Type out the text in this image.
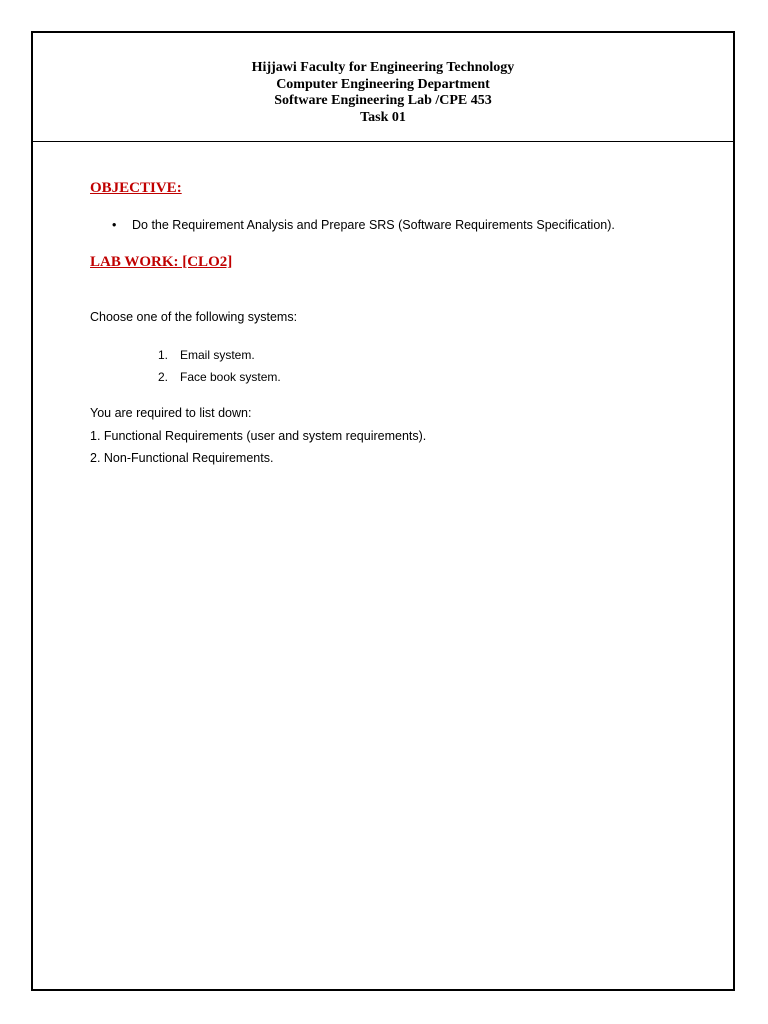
Hijjawi Faculty for Engineering Technology
Computer Engineering Department
Software Engineering Lab /CPE 453
Task 01
OBJECTIVE:
• Do the Requirement Analysis and Prepare SRS (Software Requirements Specification).
LAB WORK: [CLO2]
Choose one of the following systems:
1. Email system.
2. Face book system.
You are required to list down:
1. Functional Requirements (user and system requirements).
2. Non-Functional Requirements.
